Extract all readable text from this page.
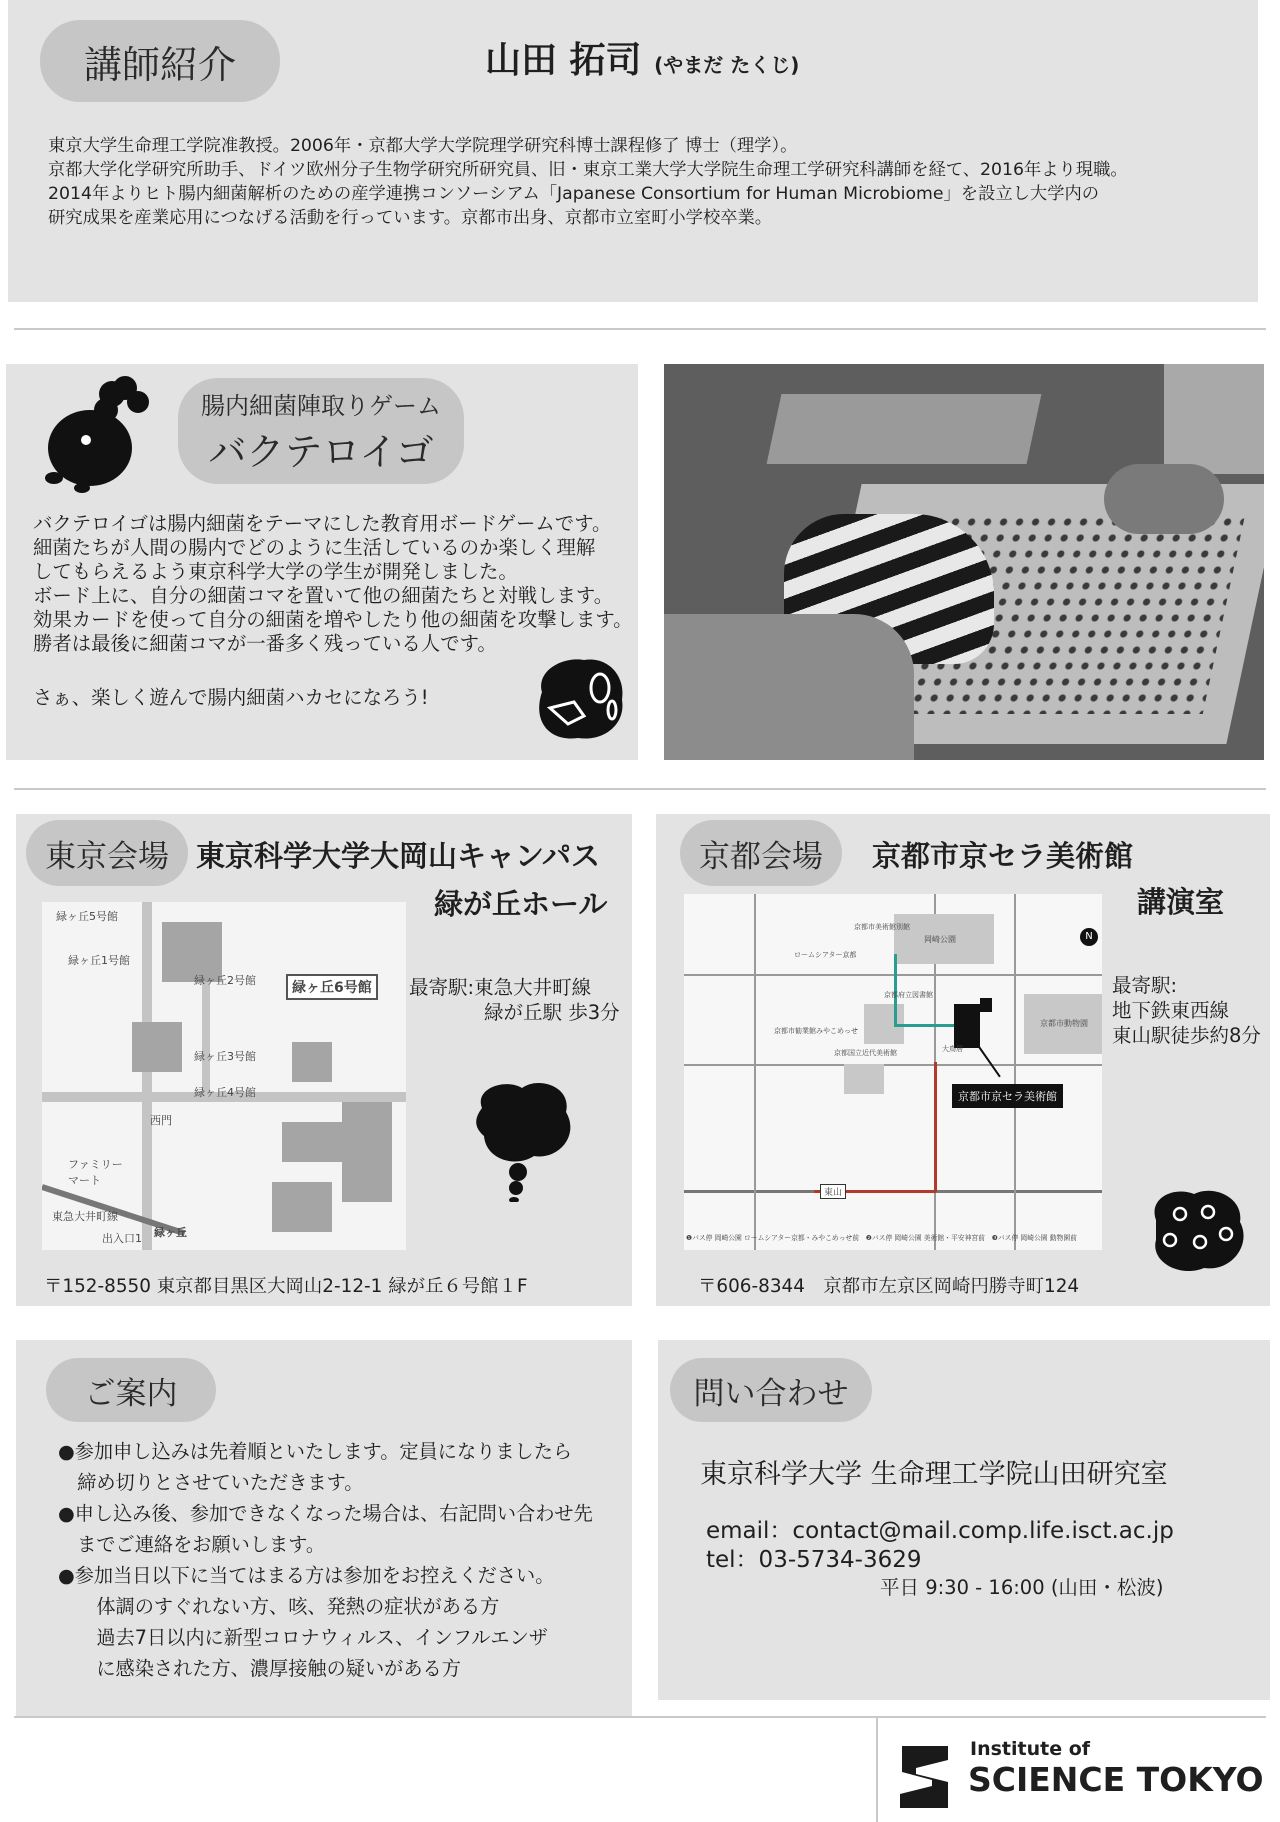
講師紹介	山田 拓司 (やまだ たくじ)
東京大学生命理工学院准教授。2006年・京都大学大学院理学研究科博士課程修了 博士（理学）。
京都大学化学研究所助手、ドイツ欧州分子生物学研究所研究員、旧・東京工業大学大学院生命理工学研究科講師を経て、2016年より現職。
2014年よりヒト腸内細菌解析のための産学連携コンソーシアム「Japanese Consortium for Human Microbiome」を設立し大学内の
研究成果を産業応用につなげる活動を行っています。京都市出身、京都市立室町小学校卒業。
腸内細菌陣取りゲーム
バクテロイゴ
バクテロイゴは腸内細菌をテーマにした教育用ボードゲームです。
細菌たちが人間の腸内でどのように生活しているのか楽しく理解
してもらえるよう東京科学大学の学生が開発しました。
ボード上に、自分の細菌コマを置いて他の細菌たちと対戦します。
効果カードを使って自分の細菌を増やしたり他の細菌を攻撃します。
勝者は最後に細菌コマが一番多く残っている人です。
さぁ、楽しく遊んで腸内細菌ハカセになろう!
東京会場 東京科学大学大岡山キャンパス
緑が丘ホール
緑ヶ丘5号館
緑ヶ丘1号館
緑ヶ丘2号館	緑ヶ丘6号館
緑ヶ丘3号館
緑ヶ丘4号館
西門
ファミリー
マート
東急大井町線
出入口1 緑ヶ丘
最寄駅:東急大井町線
緑が丘駅 歩3分
〒152-8550 東京都目黒区大岡山2-12-1 緑が丘６号館１F
京都会場	京都市京セラ美術館
講演室
京都市京セラ美術館
N
岡崎公園
京都市動物園
京都市美術館別館
ロームシアター京都
京都府立図書館
京都国立近代美術館
京都市勧業館みやこめっせ
大鳥居
東山
❶バス停 岡崎公園 ロームシアター京都・みやこめっせ前　❷バス停 岡崎公園 美術館・平安神宮前　❸バス停 岡崎公園 動物園前
最寄駅:
地下鉄東西線
東山駅徒歩約8分
〒606-8344　京都市左京区岡崎円勝寺町124
ご案内
●参加申し込みは先着順といたします。定員になりましたら
　締め切りとさせていただきます。
●申し込み後、参加できなくなった場合は、右記問い合わせ先
　までご連絡をお願いします。
●参加当日以下に当てはまる方は参加をお控えください。
　　体調のすぐれない方、咳、発熱の症状がある方
　　過去7日以内に新型コロナウィルス、インフルエンザ
　　に感染された方、濃厚接触の疑いがある方
問い合わせ
東京科学大学 生命理工学院山田研究室
email：contact@mail.comp.life.isct.ac.jp
tel：03-5734-3629
平日 9:30 - 16:00 (山田・松波)
Institute of
SCIENCE TOKYO
